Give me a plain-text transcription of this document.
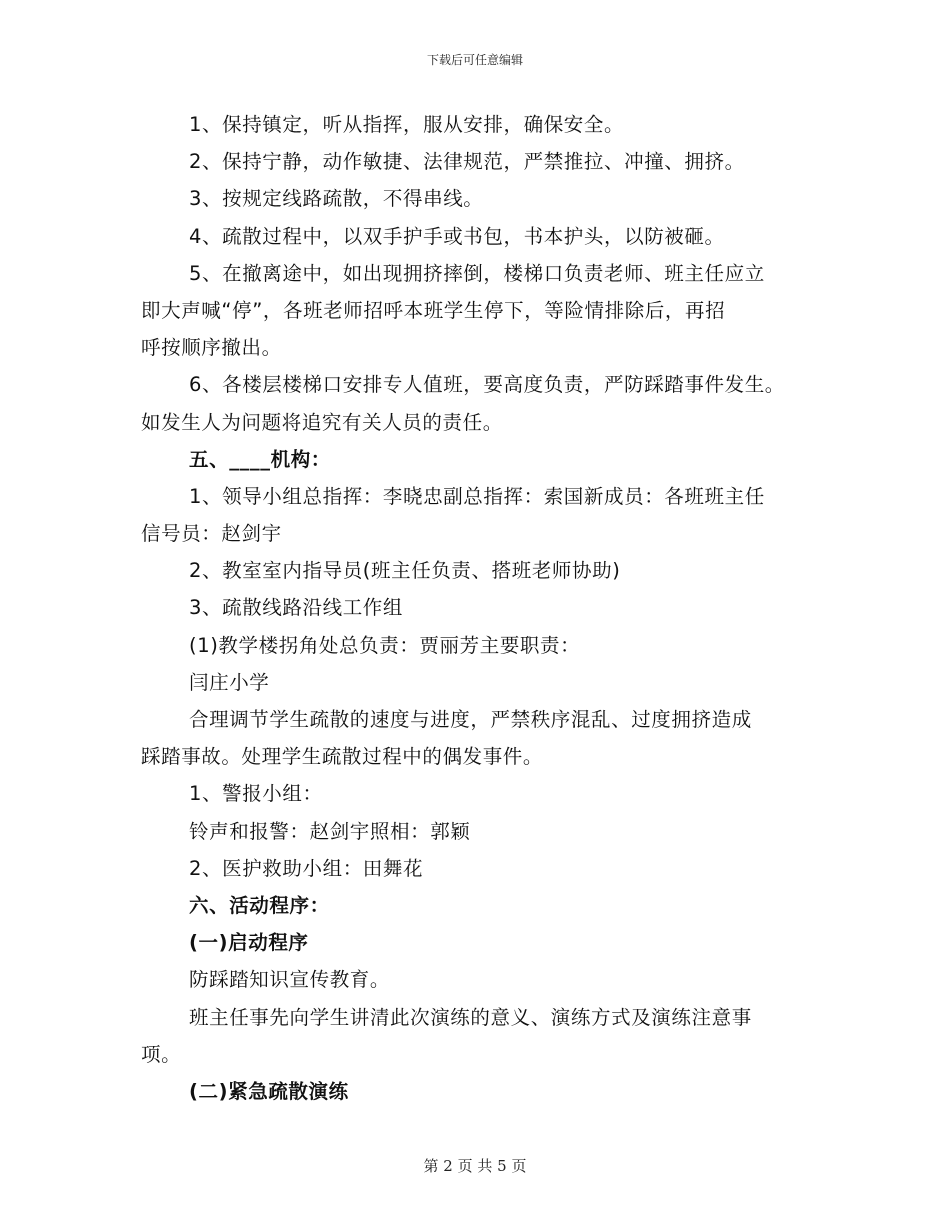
下载后可任意编辑
1、保持镇定，听从指挥，服从安排，确保安全。
2、保持宁静，动作敏捷、法律规范，严禁推拉、冲撞、拥挤。
3、按规定线路疏散，不得串线。
4、疏散过程中，以双手护手或书包，书本护头，以防被砸。
5、在撤离途中，如出现拥挤摔倒，楼梯口负责老师、班主任应立
即大声喊“停”，各班老师招呼本班学生停下，等险情排除后，再招
呼按顺序撤出。
6、各楼层楼梯口安排专人值班，要高度负责，严防踩踏事件发生。
如发生人为问题将追究有关人员的责任。
五、____机构：
1、领导小组总指挥：李晓忠副总指挥：索国新成员：各班班主任
信号员：赵剑宇
2、教室室内指导员(班主任负责、搭班老师协助)
3、疏散线路沿线工作组
(1)教学楼拐角处总负责：贾丽芳主要职责：
闫庄小学
合理调节学生疏散的速度与进度，严禁秩序混乱、过度拥挤造成
踩踏事故。处理学生疏散过程中的偶发事件。
1、警报小组：
铃声和报警：赵剑宇照相：郭颖
2、医护救助小组：田舞花
六、活动程序：
(一)启动程序
防踩踏知识宣传教育。
班主任事先向学生讲清此次演练的意义、演练方式及演练注意事
项。
(二)紧急疏散演练
第 2 页 共 5 页
